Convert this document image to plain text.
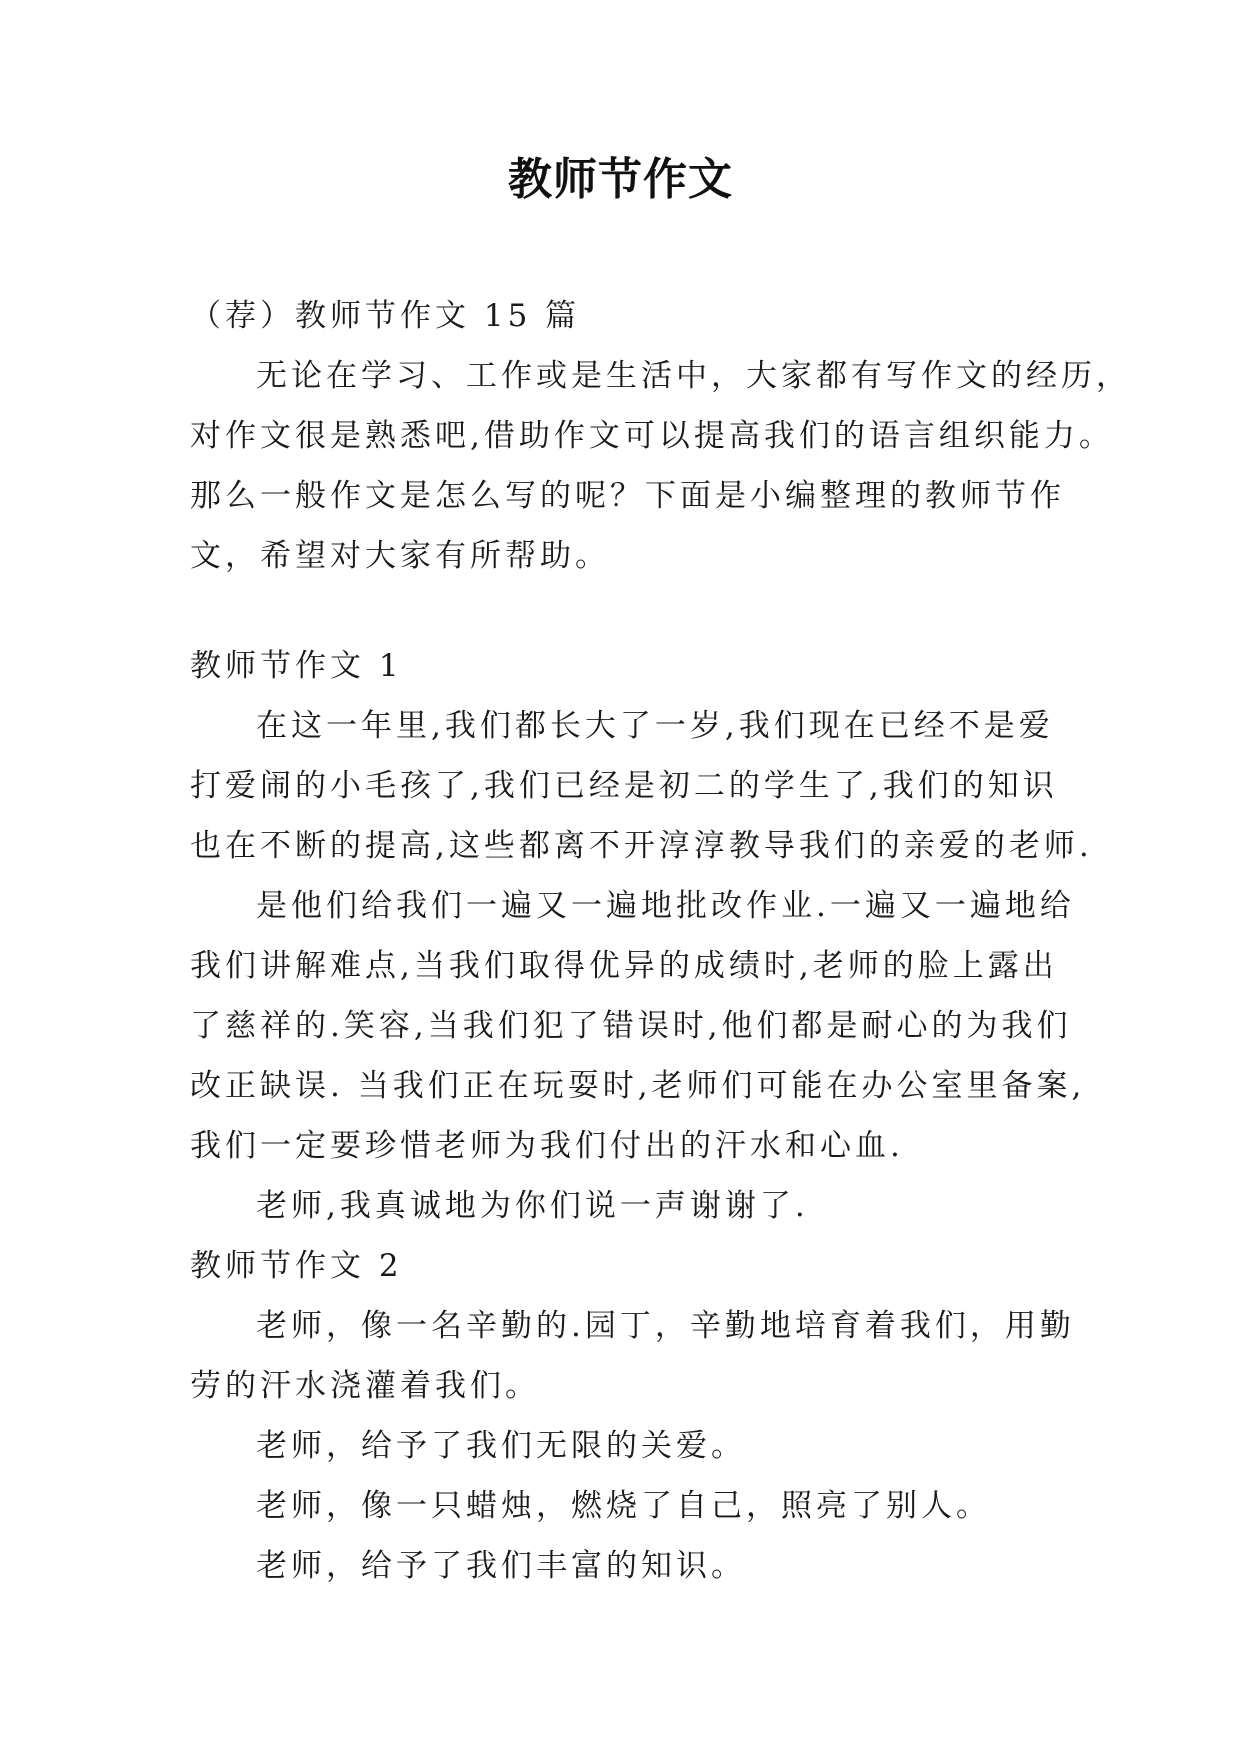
教师节作文
（荐）教师节作文 15 篇
无论在学习、工作或是生活中，大家都有写作文的经历，
对作文很是熟悉吧,借助作文可以提高我们的语言组织能力。
那么一般作文是怎么写的呢？下面是小编整理的教师节作
文，希望对大家有所帮助。
教师节作文 1
在这一年里,我们都长大了一岁,我们现在已经不是爱
打爱闹的小毛孩了,我们已经是初二的学生了,我们的知识
也在不断的提高,这些都离不开淳淳教导我们的亲爱的老师.
是他们给我们一遍又一遍地批改作业.一遍又一遍地给
我们讲解难点,当我们取得优异的成绩时,老师的脸上露出
了慈祥的.笑容,当我们犯了错误时,他们都是耐心的为我们
改正缺误. 当我们正在玩耍时,老师们可能在办公室里备案,
我们一定要珍惜老师为我们付出的汗水和心血.
老师,我真诚地为你们说一声谢谢了.
教师节作文 2
老师，像一名辛勤的.园丁，辛勤地培育着我们，用勤
劳的汗水浇灌着我们。
老师，给予了我们无限的关爱。
老师，像一只蜡烛，燃烧了自己，照亮了别人。
老师，给予了我们丰富的知识。
